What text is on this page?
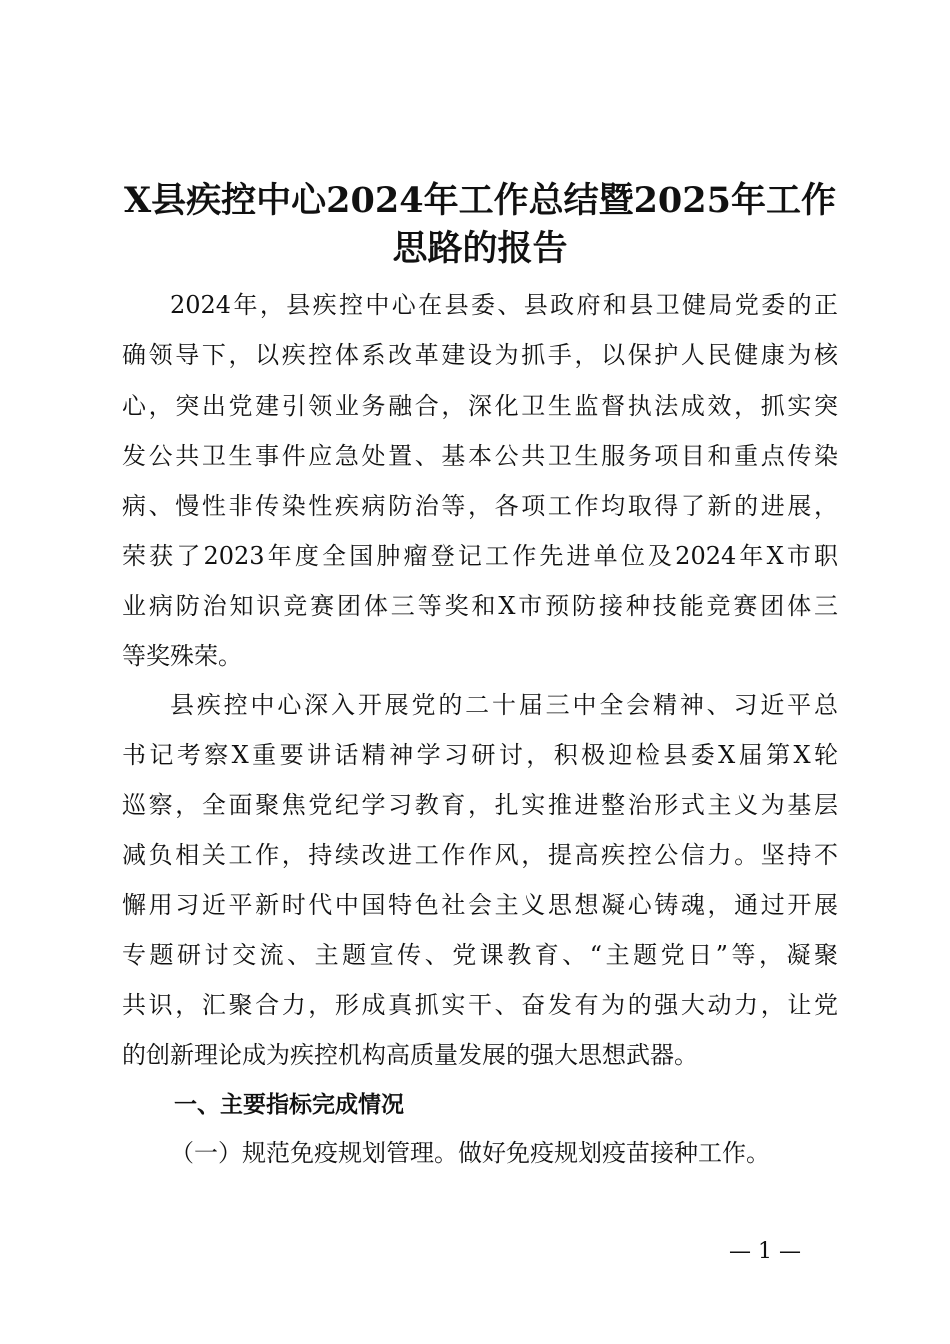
X县疾控中心2024年工作总结暨2025年工作
思路的报告
2024年，县疾控中心在县委、县政府和县卫健局党委的正
确领导下，以疾控体系改革建设为抓手，以保护人民健康为核
心，突出党建引领业务融合，深化卫生监督执法成效，抓实突
发公共卫生事件应急处置、基本公共卫生服务项目和重点传染
病、慢性非传染性疾病防治等，各项工作均取得了新的进展，
荣获了2023年度全国肿瘤登记工作先进单位及2024年X市职
业病防治知识竞赛团体三等奖和X市预防接种技能竞赛团体三
等奖殊荣。
县疾控中心深入开展党的二十届三中全会精神、习近平总
书记考察X重要讲话精神学习研讨，积极迎检县委X届第X轮
巡察，全面聚焦党纪学习教育，扎实推进整治形式主义为基层
减负相关工作，持续改进工作作风，提高疾控公信力。坚持不
懈用习近平新时代中国特色社会主义思想凝心铸魂，通过开展
专题研讨交流、主题宣传、党课教育、“主题党日”等，凝聚
共识，汇聚合力，形成真抓实干、奋发有为的强大动力，让党
的创新理论成为疾控机构高质量发展的强大思想武器。
一、主要指标完成情况
（一）规范免疫规划管理。做好免疫规划疫苗接种工作。
— 1 —
